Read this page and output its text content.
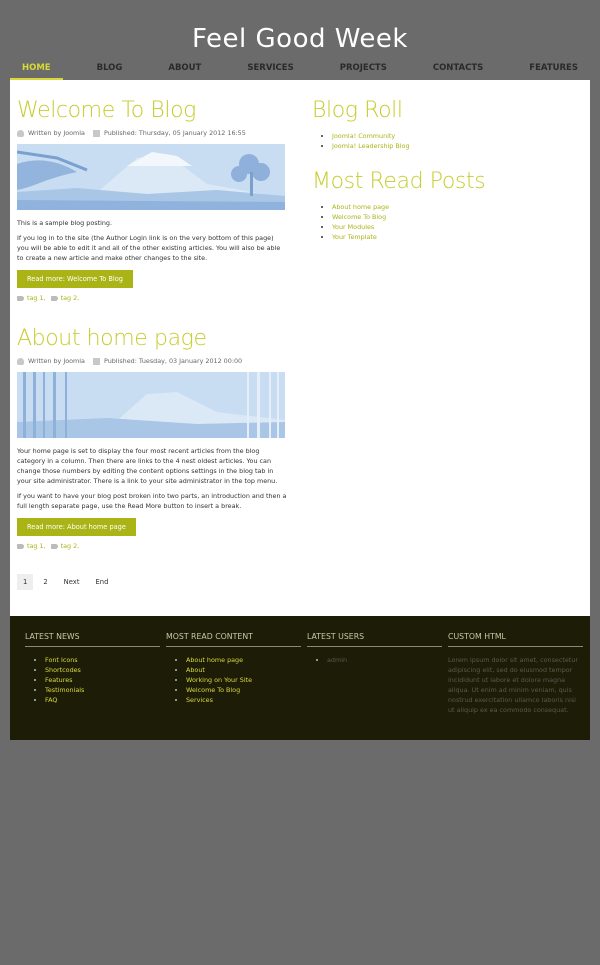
Feel Good Week
HOME	BLOG	ABOUT	SERVICES	PROJECTS	CONTACTS	FEATURES
Welcome To Blog
Written by Joomla	Published: Thursday, 05 January 2012 16:55

This is a sample blog posting.

If you log in to the site (the Author Login link is on the very bottom of this page) you will be able to edit it and all of the other existing articles. You will also be able to create a new article and make other changes to the site.

Read more: Welcome To Blog
tag 1, tag 2,
About home page
Written by Joomla	Published: Tuesday, 03 January 2012 00:00

Your home page is set to display the four most recent articles from the blog category in a column. Then there are links to the 4 nest oldest articles. You can change those numbers by editing the content options settings in the blog tab in your site administrator. There is a link to your site administrator in the top menu.

If you want to have your blog post broken into two parts, an introduction and then a full length separate page, use the Read More button to insert a break.

Read more: About home page
tag 1, tag 2,
1	2	Next	End
Blog Roll
• Joomla! Community
• Joomla! Leadership Blog
Most Read Posts
• About home page
• Welcome To Blog
• Your Modules
• Your Template
LATEST NEWS
• Font Icons
• Shortcodes
• Features
• Testimonials
• FAQ
MOST READ CONTENT
• About home page
• About
• Working on Your Site
• Welcome To Blog
• Services
LATEST USERS
• admin
CUSTOM HTML

Lorem ipsum dolor sit amet, consectetur adipiscing elit, sed do eiusmod tempor incididunt ut labore et dolore magna aliqua. Ut enim ad minim veniam, quis nostrud exercitation ullamco laboris nisi ut aliquip ex ea commodo consequat.
